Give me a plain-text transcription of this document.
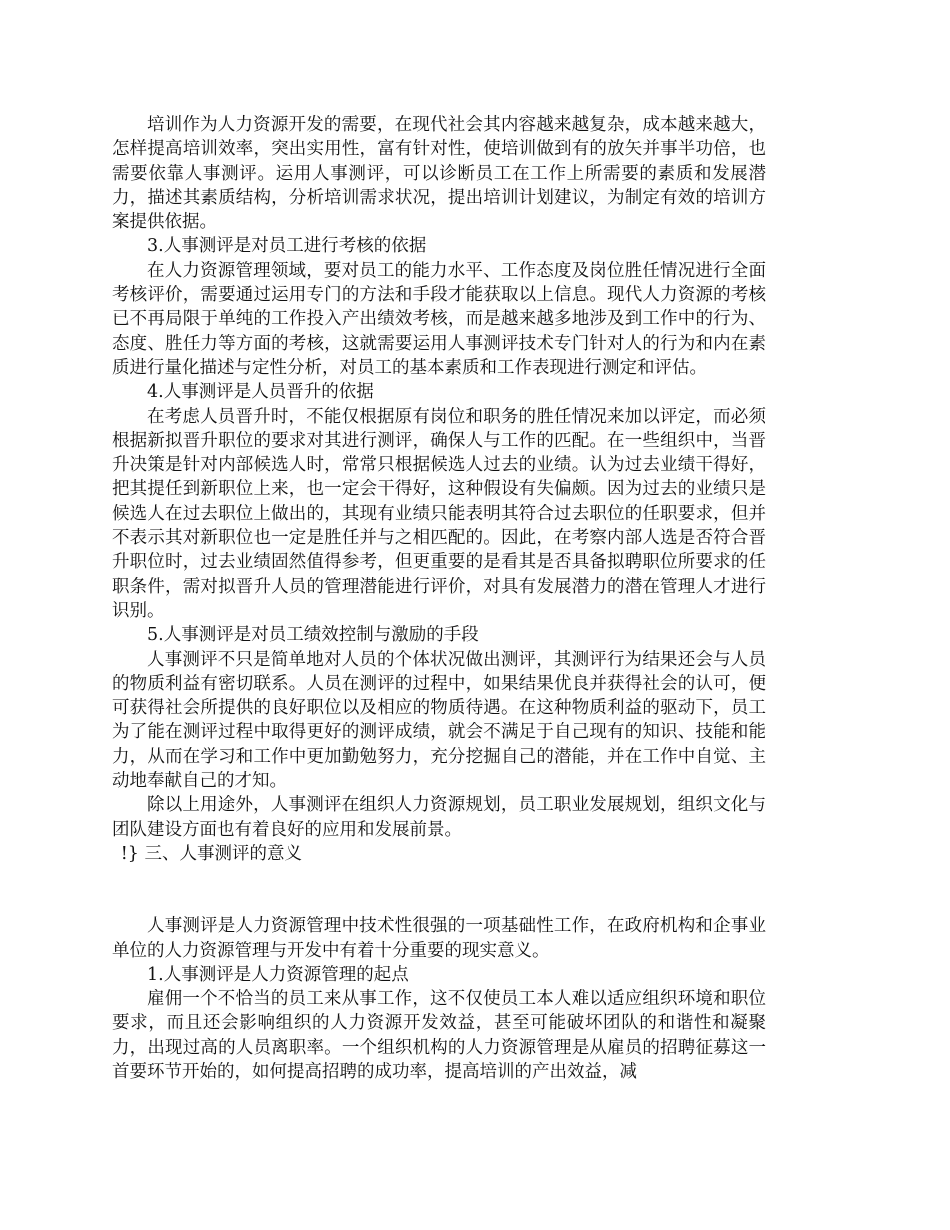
培训作为人力资源开发的需要，在现代社会其内容越来越复杂，成本越来越大，怎样提高培训效率，突出实用性，富有针对性，使培训做到有的放矢并事半功倍，也需要依靠人事测评。运用人事测评，可以诊断员工在工作上所需要的素质和发展潜力，描述其素质结构，分析培训需求状况，提出培训计划建议，为制定有效的培训方案提供依据。

3.人事测评是对员工进行考核的依据

在人力资源管理领域，要对员工的能力水平、工作态度及岗位胜任情况进行全面考核评价，需要通过运用专门的方法和手段才能获取以上信息。现代人力资源的考核已不再局限于单纯的工作投入产出绩效考核，而是越来越多地涉及到工作中的行为、态度、胜任力等方面的考核，这就需要运用人事测评技术专门针对人的行为和内在素质进行量化描述与定性分析，对员工的基本素质和工作表现进行测定和评估。

4.人事测评是人员晋升的依据

在考虑人员晋升时，不能仅根据原有岗位和职务的胜任情况来加以评定，而必须根据新拟晋升职位的要求对其进行测评，确保人与工作的匹配。在一些组织中，当晋升决策是针对内部候选人时，常常只根据候选人过去的业绩。认为过去业绩干得好，把其提任到新职位上来，也一定会干得好，这种假设有失偏颇。因为过去的业绩只是候选人在过去职位上做出的，其现有业绩只能表明其符合过去职位的任职要求，但并不表示其对新职位也一定是胜任并与之相匹配的。因此，在考察内部人选是否符合晋升职位时，过去业绩固然值得参考，但更重要的是看其是否具备拟聘职位所要求的任职条件，需对拟晋升人员的管理潜能进行评价，对具有发展潜力的潜在管理人才进行识别。

5.人事测评是对员工绩效控制与激励的手段

人事测评不只是简单地对人员的个体状况做出测评，其测评行为结果还会与人员的物质利益有密切联系。人员在测评的过程中，如果结果优良并获得社会的认可，便可获得社会所提供的良好职位以及相应的物质待遇。在这种物质利益的驱动下，员工为了能在测评过程中取得更好的测评成绩，就会不满足于自己现有的知识、技能和能力，从而在学习和工作中更加勤勉努力，充分挖掘自己的潜能，并在工作中自觉、主动地奉献自己的才知。

除以上用途外，人事测评在组织人力资源规划，员工职业发展规划，组织文化与团队建设方面也有着良好的应用和发展前景。

!} 三、人事测评的意义

人事测评是人力资源管理中技术性很强的一项基础性工作，在政府机构和企事业单位的人力资源管理与开发中有着十分重要的现实意义。

1.人事测评是人力资源管理的起点

雇佣一个不恰当的员工来从事工作，这不仅使员工本人难以适应组织环境和职位要求，而且还会影响组织的人力资源开发效益，甚至可能破坏团队的和谐性和凝聚力，出现过高的人员离职率。一个组织机构的人力资源管理是从雇员的招聘征募这一首要环节开始的，如何提高招聘的成功率，提高培训的产出效益，减
